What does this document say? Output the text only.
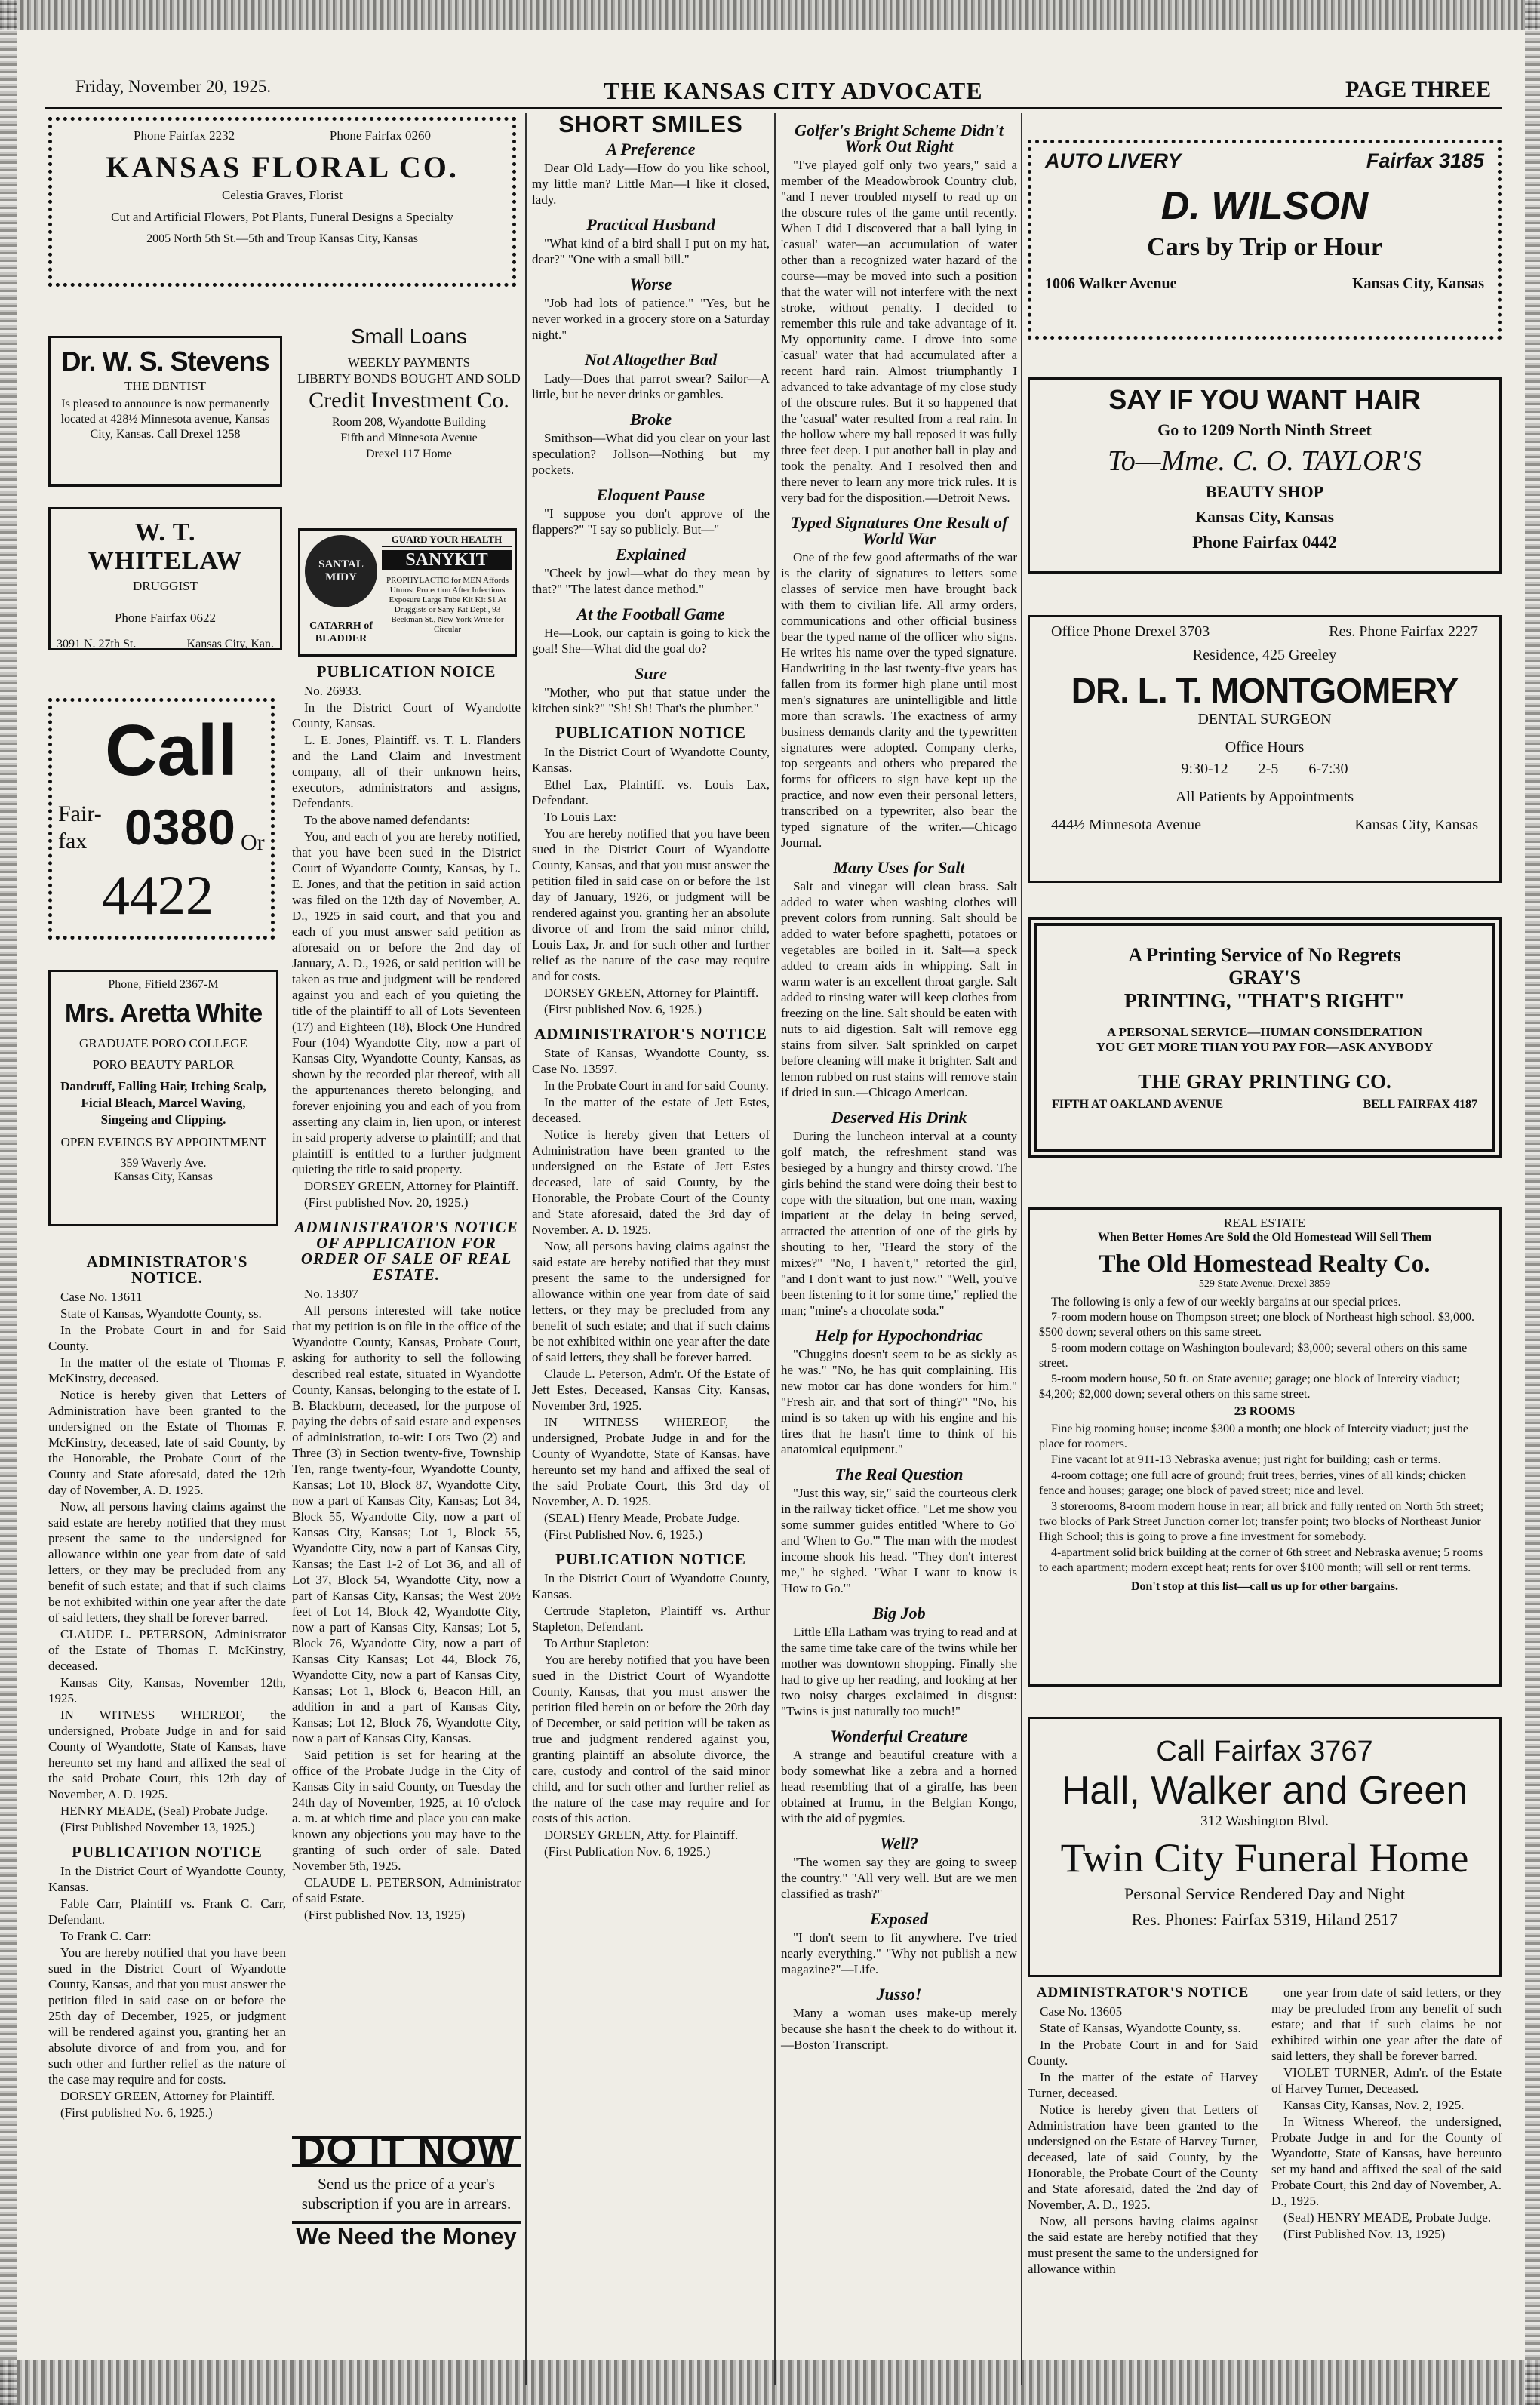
Friday, November 20, 1925.	THE KANSAS CITY ADVOCATE	PAGE THREE
Phone Fairfax 2232	Phone Fairfax 0260
KANSAS FLORAL CO.
Celestia Graves, Florist
Cut and Artificial Flowers, Pot Plants, Funeral Designs a Specialty
2005 North 5th St.—5th and Troup Kansas City, Kansas
Dr. W. S. Stevens
THE DENTIST
Is pleased to announce is now permanently located at 428½ Minnesota avenue, Kansas City, Kansas. Call Drexel 1258
Small Loans
WEEKLY PAYMENTS
LIBERTY BONDS BOUGHT AND SOLD
Credit Investment Co.
Room 208, Wyandotte Building
Fifth and Minnesota Avenue
Drexel 117 Home
W. T. WHITELAW
DRUGGIST
Phone Fairfax 0622
3091 N. 27th St.	Kansas City, Kan.
SANTAL MIDY
CATARRH of BLADDER
GUARD YOUR HEALTH
SANYKIT
PROPHYLACTIC for MEN Affords Utmost Protection After Infectious Exposure Large Tube Kit Kit $1 At Druggists or Sany-Kit Dept., 93 Beekman St., New York Write for Circular
Call
Fair-
fax 0380 Or
4422
Phone, Fifield 2367-M
Mrs. Aretta White
GRADUATE PORO COLLEGE
PORO BEAUTY PARLOR
Dandruff, Falling Hair, Itching Scalp, Ficial Bleach, Marcel Waving, Singeing and Clipping.
OPEN EVEINGS BY APPOINTMENT
359 Waverly Ave.
Kansas City, Kansas
ADMINISTRATOR'S NOTICE.

Case No. 13611

State of Kansas, Wyandotte County, ss.

In the Probate Court in and for Said County.

In the matter of the estate of Thomas F. McKinstry, deceased.

Notice is hereby given that Letters of Administration have been granted to the undersigned on the Estate of Thomas F. McKinstry, deceased, late of said County, by the Honorable, the Probate Court of the County and State aforesaid, dated the 12th day of November, A. D. 1925.

Now, all persons having claims against the said estate are hereby notified that they must present the same to the undersigned for allowance within one year from date of said letters, or they may be precluded from any benefit of such estate; and that if such claims be not exhibited within one year after the date of said letters, they shall be forever barred.

CLAUDE L. PETERSON, Administrator of the Estate of Thomas F. McKinstry, deceased.

Kansas City, Kansas, November 12th, 1925.

IN WITNESS WHEREOF, the undersigned, Probate Judge in and for said County of Wyandotte, State of Kansas, have hereunto set my hand and affixed the seal of the said Probate Court, this 12th day of November, A. D. 1925.

HENRY MEADE, (Seal) Probate Judge.

(First Published November 13, 1925.)

PUBLICATION NOTICE

In the District Court of Wyandotte County, Kansas.

Fable Carr, Plaintiff vs. Frank C. Carr, Defendant.

To Frank C. Carr:

You are hereby notified that you have been sued in the District Court of Wyandotte County, Kansas, and that you must answer the petition filed in said case on or before the 25th day of December, 1925, or judgment will be rendered against you, granting her an absolute divorce of and from you, and for such other and further relief as the nature of the case may require and for costs.

DORSEY GREEN, Attorney for Plaintiff.

(First published No. 6, 1925.)

PUBLICATION NOICE

No. 26933.

In the District Court of Wyandotte County, Kansas.

L. E. Jones, Plaintiff. vs. T. L. Flanders and the Land Claim and Investment company, all of their unknown heirs, executors, administrators and assigns, Defendants.

To the above named defendants:

You, and each of you are hereby notified, that you have been sued in the District Court of Wyandotte County, Kansas, by L. E. Jones, and that the petition in said action was filed on the 12th day of November, A. D., 1925 in said court, and that you and each of you must answer said petition as aforesaid on or before the 2nd day of January, A. D., 1926, or said petition will be taken as true and judgment will be rendered against you and each of you quieting the title of the plaintiff to all of Lots Seventeen (17) and Eighteen (18), Block One Hundred Four (104) Wyandotte City, now a part of Kansas City, Wyandotte County, Kansas, as shown by the recorded plat thereof, with all the appurtenances thereto belonging, and forever enjoining you and each of you from asserting any claim in, lien upon, or interest in said property adverse to plaintiff; and that plaintiff is entitled to a further judgment quieting the title to said property.

DORSEY GREEN, Attorney for Plaintiff.

(First published Nov. 20, 1925.)

ADMINISTRATOR'S NOTICE OF APPLICATION FOR ORDER OF SALE OF REAL ESTATE.

No. 13307

All persons interested will take notice that my petition is on file in the office of the Wyandotte County, Kansas, Probate Court, asking for authority to sell the following described real estate, situated in Wyandotte County, Kansas, belonging to the estate of I. B. Blackburn, deceased, for the purpose of paying the debts of said estate and expenses of administration, to-wit: Lots Two (2) and Three (3) in Section twenty-five, Township Ten, range twenty-four, Wyandotte County, Kansas; Lot 10, Block 87, Wyandotte City, now a part of Kansas City, Kansas; Lot 34, Block 55, Wyandotte City, now a part of Kansas City, Kansas; Lot 1, Block 55, Wyandotte City, now a part of Kansas City, Kansas; the East 1-2 of Lot 36, and all of Lot 37, Block 54, Wyandotte City, now a part of Kansas City, Kansas; the West 20½ feet of Lot 14, Block 42, Wyandotte City, now a part of Kansas City, Kansas; Lot 5, Block 76, Wyandotte City, now a part of Kansas City Kansas; Lot 44, Block 76, Wyandotte City, now a part of Kansas City, Kansas; Lot 1, Block 6, Beacon Hill, an addition in and a part of Kansas City, Kansas; Lot 12, Block 76, Wyandotte City, now a part of Kansas City, Kansas.

Said petition is set for hearing at the office of the Probate Judge in the City of Kansas City in said County, on Tuesday the 24th day of November, 1925, at 10 o'clock a. m. at which time and place you can make known any objections you may have to the granting of such order of sale. Dated November 5th, 1925.

CLAUDE L. PETERSON, Administrator of said Estate.

(First published Nov. 13, 1925)

DO IT NOW
Send us the price of a year's subscription if you are in arrears.
We Need the Money
SHORT SMILES
A Preference

Dear Old Lady—How do you like school, my little man? Little Man—I like it closed, lady.

Practical Husband

"What kind of a bird shall I put on my hat, dear?" "One with a small bill."

Worse

"Job had lots of patience." "Yes, but he never worked in a grocery store on a Saturday night."

Not Altogether Bad

Lady—Does that parrot swear? Sailor—A little, but he never drinks or gambles.

Broke

Smithson—What did you clear on your last speculation? Jollson—Nothing but my pockets.

Eloquent Pause

"I suppose you don't approve of the flappers?" "I say so publicly. But—"

Explained

"Cheek by jowl—what do they mean by that?" "The latest dance method."

At the Football Game

He—Look, our captain is going to kick the goal! She—What did the goal do?

Sure

"Mother, who put that statue under the kitchen sink?" "Sh! Sh! That's the plumber."

PUBLICATION NOTICE

In the District Court of Wyandotte County, Kansas.

Ethel Lax, Plaintiff. vs. Louis Lax, Defendant.

To Louis Lax:

You are hereby notified that you have been sued in the District Court of Wyandotte County, Kansas, and that you must answer the petition filed in said case on or before the 1st day of January, 1926, or judgment will be rendered against you, granting her an absolute divorce of and from the said minor child, Louis Lax, Jr. and for such other and further relief as the nature of the case may require and for costs.

DORSEY GREEN, Attorney for Plaintiff.

(First published Nov. 6, 1925.)

ADMINISTRATOR'S NOTICE

State of Kansas, Wyandotte County, ss. Case No. 13597.

In the Probate Court in and for said County.

In the matter of the estate of Jett Estes, deceased.

Notice is hereby given that Letters of Administration have been granted to the undersigned on the Estate of Jett Estes deceased, late of said County, by the Honorable, the Probate Court of the County and State aforesaid, dated the 3rd day of November. A. D. 1925.

Now, all persons having claims against the said estate are hereby notified that they must present the same to the undersigned for allowance within one year from date of said letters, or they may be precluded from any benefit of such estate; and that if such claims be not exhibited within one year after the date of said letters, they shall be forever barred.

Claude L. Peterson, Adm'r. Of the Estate of Jett Estes, Deceased, Kansas City, Kansas, November 3rd, 1925.

IN WITNESS WHEREOF, the undersigned, Probate Judge in and for the County of Wyandotte, State of Kansas, have hereunto set my hand and affixed the seal of the said Probate Court, this 3rd day of November, A. D. 1925.

(SEAL) Henry Meade, Probate Judge.

(First Published Nov. 6, 1925.)

PUBLICATION NOTICE

In the District Court of Wyandotte County, Kansas.

Certrude Stapleton, Plaintiff vs. Arthur Stapleton, Defendant.

To Arthur Stapleton:

You are hereby notified that you have been sued in the District Court of Wyandotte County, Kansas, that you must answer the petition filed herein on or before the 20th day of December, or said petition will be taken as true and judgment rendered against you, granting plaintiff an absolute divorce, the care, custody and control of the said minor child, and for such other and further relief as the nature of the case may require and for costs of this action.

DORSEY GREEN, Atty. for Plaintiff.

(First Publication Nov. 6, 1925.)

Golfer's Bright Scheme Didn't Work Out Right

"I've played golf only two years," said a member of the Meadowbrook Country club, "and I never troubled myself to read up on the obscure rules of the game until recently. When I did I discovered that a ball lying in 'casual' water—an accumulation of water other than a recognized water hazard of the course—may be moved into such a position that the water will not interfere with the next stroke, without penalty. I decided to remember this rule and take advantage of it. My opportunity came. I drove into some 'casual' water that had accumulated after a recent hard rain. Almost triumphantly I advanced to take advantage of my close study of the obscure rules. But it so happened that the 'casual' water resulted from a real rain. In the hollow where my ball reposed it was fully three feet deep. I put another ball in play and took the penalty. And I resolved then and there never to learn any more trick rules. It is very bad for the disposition.—Detroit News.

Typed Signatures One Result of World War

One of the few good aftermaths of the war is the clarity of signatures to letters some classes of service men have brought back with them to civilian life. All army orders, communications and other official business bear the typed name of the officer who signs. He writes his name over the typed signature. Handwriting in the last twenty-five years has fallen from its former high plane until most men's signatures are unintelligible and little more than scrawls. The exactness of army business demands clarity and the typewritten signatures were adopted. Company clerks, top sergeants and others who prepared the forms for officers to sign have kept up the practice, and now even their personal letters, transcribed on a typewriter, also bear the typed signature of the writer.—Chicago Journal.

Many Uses for Salt

Salt and vinegar will clean brass. Salt added to water when washing clothes will prevent colors from running. Salt should be added to water before spaghetti, potatoes or vegetables are boiled in it. Salt—a speck added to cream aids in whipping. Salt in warm water is an excellent throat gargle. Salt added to rinsing water will keep clothes from freezing on the line. Salt should be eaten with nuts to aid digestion. Salt will remove egg stains from silver. Salt sprinkled on carpet before cleaning will make it brighter. Salt and lemon rubbed on rust stains will remove stain if dried in sun.—Chicago American.

Deserved His Drink

During the luncheon interval at a county golf match, the refreshment stand was besieged by a hungry and thirsty crowd. The girls behind the stand were doing their best to cope with the situation, but one man, waxing impatient at the delay in being served, attracted the attention of one of the girls by shouting to her, "Heard the story of the mixes?" "No, I haven't," retorted the girl, "and I don't want to just now." "Well, you've been listening to it for some time," replied the man; "mine's a chocolate soda."

Help for Hypochondriac

"Chuggins doesn't seem to be as sickly as he was." "No, he has quit complaining. His new motor car has done wonders for him." "Fresh air, and that sort of thing?" "No, his mind is so taken up with his engine and his tires that he hasn't time to think of his anatomical equipment."

The Real Question

"Just this way, sir," said the courteous clerk in the railway ticket office. "Let me show you some summer guides entitled 'Where to Go' and 'When to Go.'" The man with the modest income shook his head. "They don't interest me," he sighed. "What I want to know is 'How to Go.'"

Big Job

Little Ella Latham was trying to read and at the same time take care of the twins while her mother was downtown shopping. Finally she had to give up her reading, and looking at her two noisy charges exclaimed in disgust: "Twins is just naturally too much!"

Wonderful Creature

A strange and beautiful creature with a body somewhat like a zebra and a horned head resembling that of a giraffe, has been obtained at Irumu, in the Belgian Kongo, with the aid of pygmies.

Well?

"The women say they are going to sweep the country." "All very well. But are we men classified as trash?"

Exposed

"I don't seem to fit anywhere. I've tried nearly everything." "Why not publish a new magazine?"—Life.

Jusso!

Many a woman uses make-up merely because she hasn't the cheek to do without it.—Boston Transcript.

AUTO LIVERY	Fairfax 3185
D. WILSON
Cars by Trip or Hour
1006 Walker Avenue	Kansas City, Kansas
SAY IF YOU WANT HAIR
Go to 1209 North Ninth Street
To—Mme. C. O. TAYLOR'S
BEAUTY SHOP
Kansas City, Kansas
Phone Fairfax 0442
Office Phone Drexel 3703	Res. Phone Fairfax 2227
Residence, 425 Greeley
DR. L. T. MONTGOMERY
DENTAL SURGEON
Office Hours
9:30-12 2-5 6-7:30
All Patients by Appointments
444½ Minnesota Avenue	Kansas City, Kansas
A Printing Service of No Regrets
GRAY'S
PRINTING, "THAT'S RIGHT"
A PERSONAL SERVICE—HUMAN CONSIDERATION
YOU GET MORE THAN YOU PAY FOR—ASK ANYBODY
THE GRAY PRINTING CO.
FIFTH AT OAKLAND AVENUE	BELL FAIRFAX 4187
REAL ESTATE
When Better Homes Are Sold the Old Homestead Will Sell Them
The Old Homestead Realty Co.
529 State Avenue. Drexel 3859
The following is only a few of our weekly bargains at our special prices.

7-room modern house on Thompson street; one block of Northeast high school. $3,000. $500 down; several others on this same street.

5-room modern cottage on Washington boulevard; $3,000; several others on this same street.

5-room modern house, 50 ft. on State avenue; garage; one block of Intercity viaduct; $4,200; $2,000 down; several others on this same street.

23 ROOMS

Fine big rooming house; income $300 a month; one block of Intercity viaduct; just the place for roomers.

Fine vacant lot at 911-13 Nebraska avenue; just right for building; cash or terms.

4-room cottage; one full acre of ground; fruit trees, berries, vines of all kinds; chicken fence and houses; garage; one block of paved street; nice and level.

3 storerooms, 8-room modern house in rear; all brick and fully rented on North 5th street; two blocks of Park Street Junction corner lot; transfer point; two blocks of Northeast Junior High School; this is going to prove a fine investment for somebody.

4-apartment solid brick building at the corner of 6th street and Nebraska avenue; 5 rooms to each apartment; modern except heat; rents for over $100 month; will sell or rent terms.

Don't stop at this list—call us up for other bargains.
Call Fairfax 3767
Hall, Walker and Green
312 Washington Blvd.
Twin City Funeral Home
Personal Service Rendered Day and Night
Res. Phones: Fairfax 5319, Hiland 2517
ADMINISTRATOR'S NOTICE

Case No. 13605

State of Kansas, Wyandotte County, ss.

In the Probate Court in and for Said County.

In the matter of the estate of Harvey Turner, deceased.

Notice is hereby given that Letters of Administration have been granted to the undersigned on the Estate of Harvey Turner, deceased, late of said County, by the Honorable, the Probate Court of the County and State aforesaid, dated the 2nd day of November, A. D., 1925.

Now, all persons having claims against the said estate are hereby notified that they must present the same to the undersigned for allowance within

one year from date of said letters, or they may be precluded from any benefit of such estate; and that if such claims be not exhibited within one year after the date of said letters, they shall be forever barred.

VIOLET TURNER, Adm'r. of the Estate of Harvey Turner, Deceased.

Kansas City, Kansas, Nov. 2, 1925.

In Witness Whereof, the undersigned, Probate Judge in and for the County of Wyandotte, State of Kansas, have hereunto set my hand and affixed the seal of the said Probate Court, this 2nd day of November, A. D., 1925.

(Seal) HENRY MEADE, Probate Judge.

(First Published Nov. 13, 1925)
